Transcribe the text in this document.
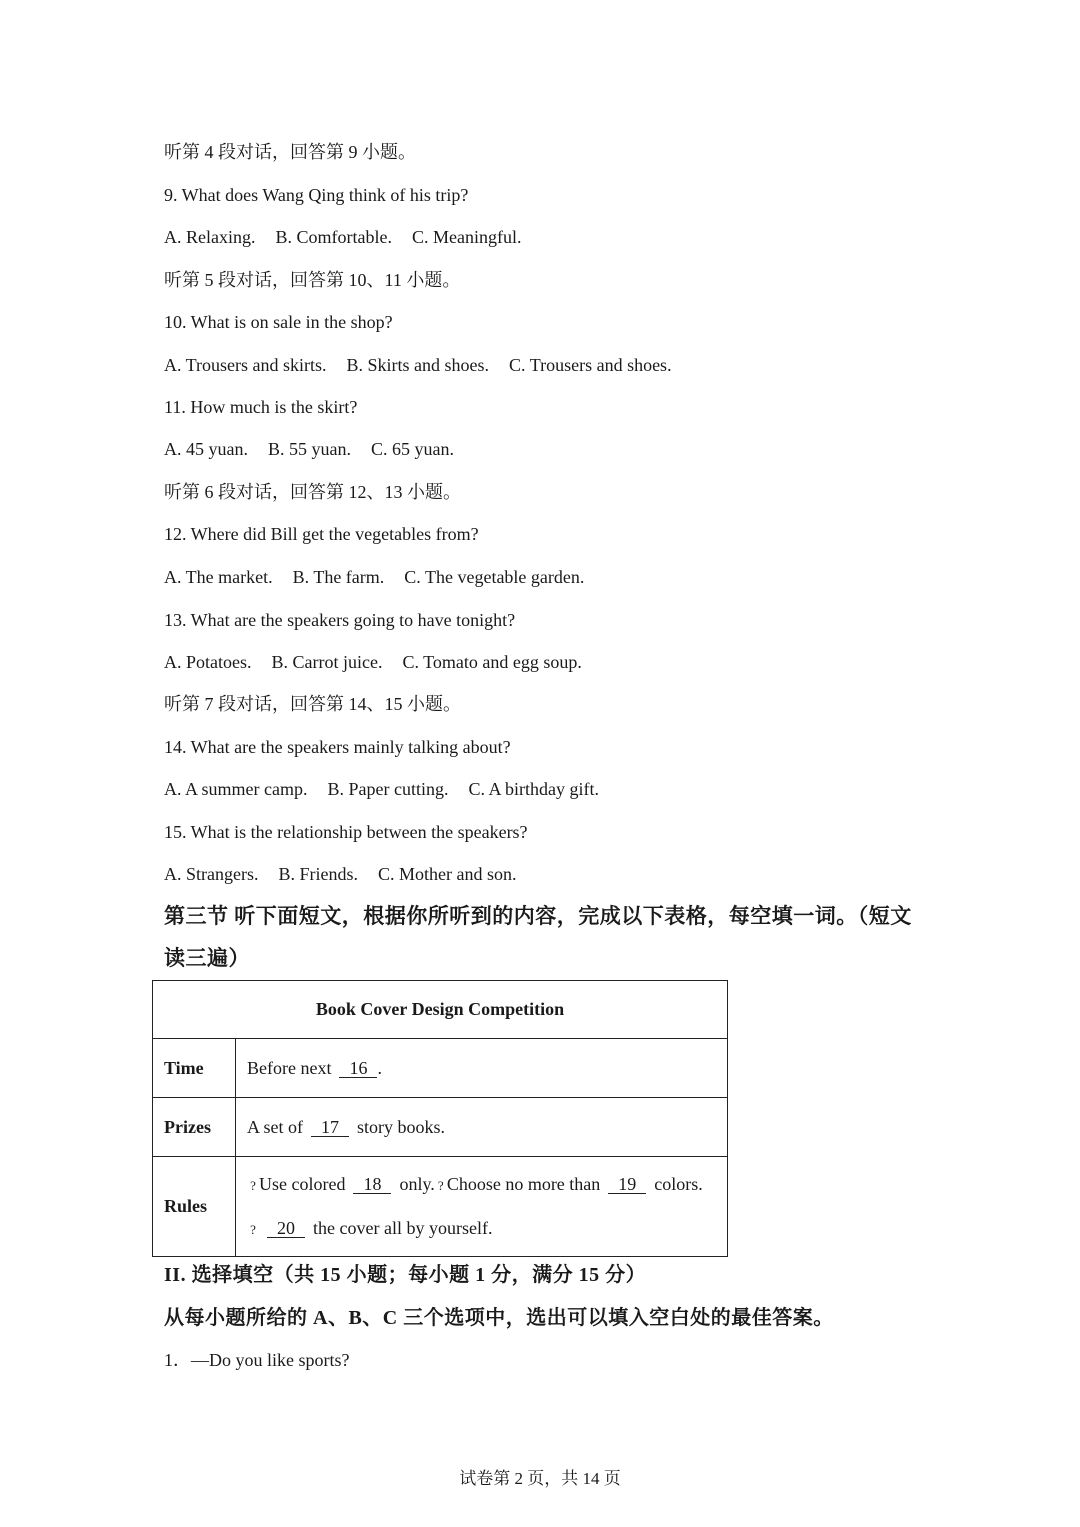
听第 4 段对话，回答第 9 小题。
9. What does Wang Qing think of his trip?
A. Relaxing. B. Comfortable. C. Meaningful.
听第 5 段对话，回答第 10、11 小题。
10. What is on sale in the shop?
A. Trousers and skirts. B. Skirts and shoes. C. Trousers and shoes.
11. How much is the skirt?
A. 45 yuan. B. 55 yuan. C. 65 yuan.
听第 6 段对话，回答第 12、13 小题。
12. Where did Bill get the vegetables from?
A. The market. B. The farm. C. The vegetable garden.
13. What are the speakers going to have tonight?
A. Potatoes. B. Carrot juice. C. Tomato and egg soup.
听第 7 段对话，回答第 14、15 小题。
14. What are the speakers mainly talking about?
A. A summer camp. B. Paper cutting. C. A birthday gift.
15. What is the relationship between the speakers?
A. Strangers. B. Friends. C. Mother and son.
第三节 听下面短文，根据你所听到的内容，完成以下表格，每空填一词。（短文读三遍）
Book Cover Design Competition	
Time	Before next 16 .
Prizes	A set of 17 story books.
Rules	? Use colored 18 only. ? Choose no more than 19 colors.
? 20 the cover all by yourself.
II. 选择填空（共 15 小题；每小题 1 分，满分 15 分）
从每小题所给的 A、B、C 三个选项中，选出可以填入空白处的最佳答案。
1．—Do you like sports?
试卷第 2 页，共 14 页
